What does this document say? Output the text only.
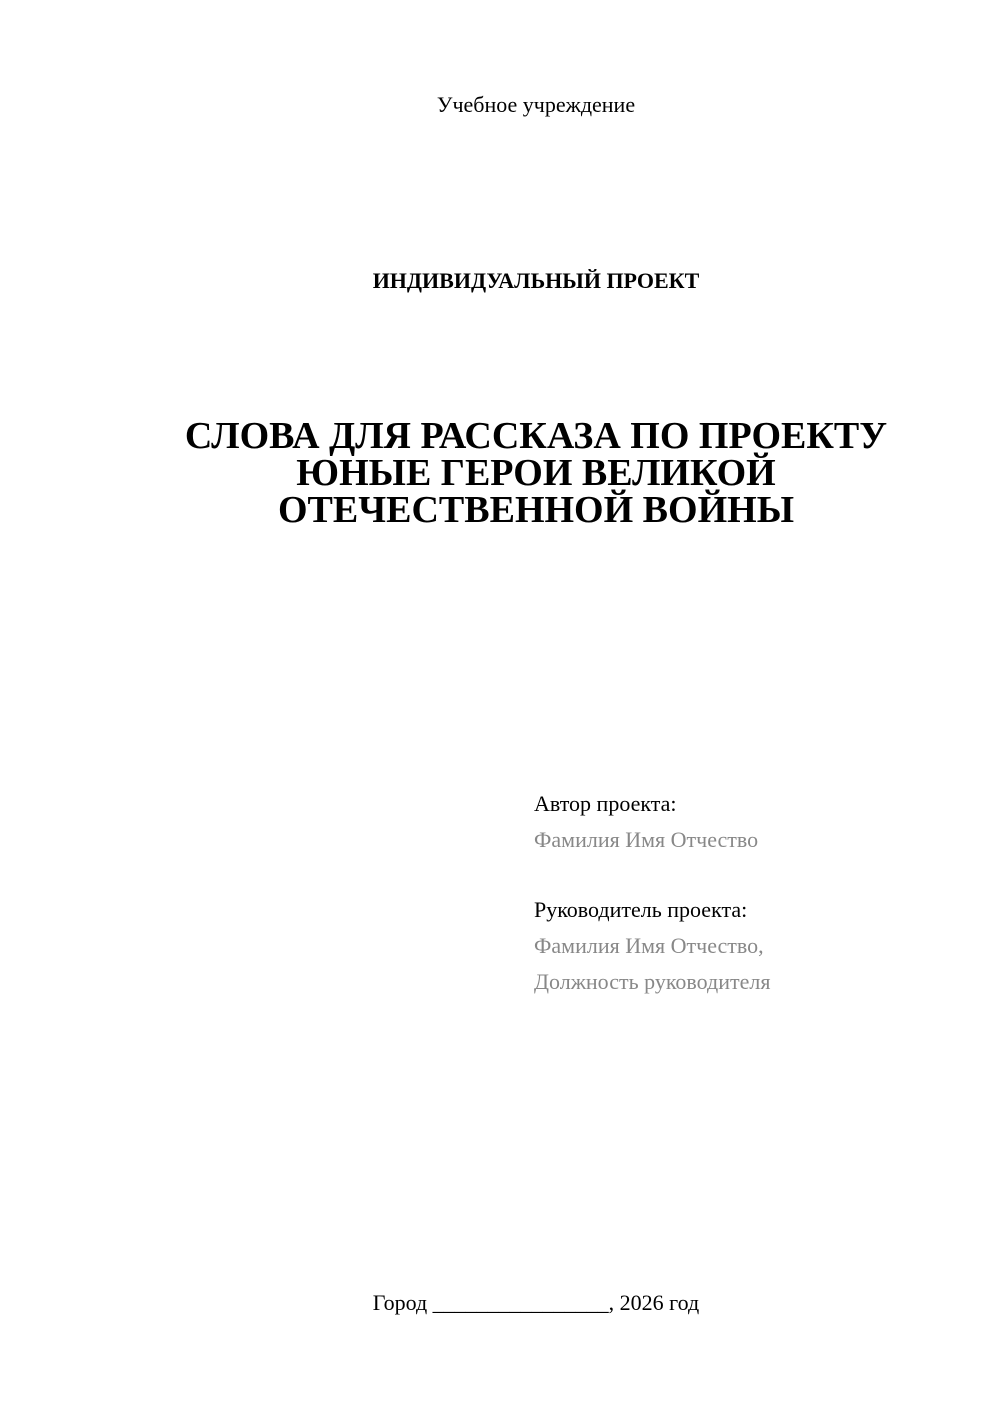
Учебное учреждение
ИНДИВИДУАЛЬНЫЙ ПРОЕКТ
СЛОВА ДЛЯ РАССКАЗА ПО ПРОЕКТУ
ЮНЫЕ ГЕРОИ ВЕЛИКОЙ
ОТЕЧЕСТВЕННОЙ ВОЙНЫ
Автор проекта:
Фамилия Имя Отчество
Руководитель проекта:
Фамилия Имя Отчество,
Должность руководителя
Город ________________, 2026 год
